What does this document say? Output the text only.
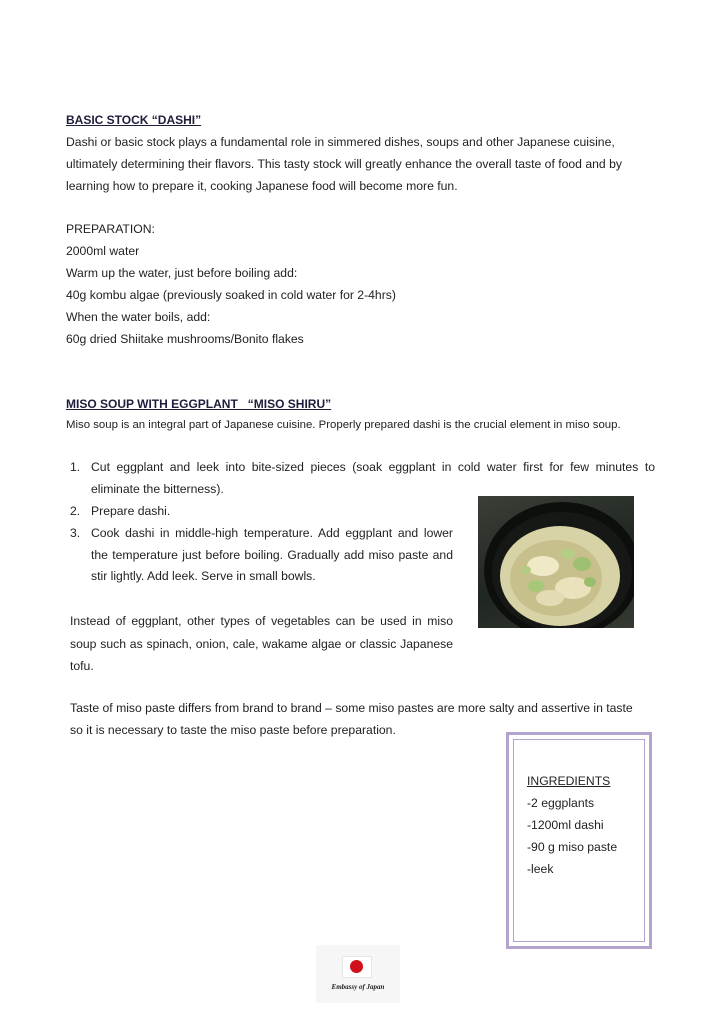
BASIC STOCK “DASHI”
Dashi or basic stock plays a fundamental role in simmered dishes, soups and other Japanese cuisine,
ultimately determining their flavors. This tasty stock will greatly enhance the overall taste of food and by
learning how to prepare it, cooking Japanese food will become more fun.
PREPARATION:
2000ml water
Warm up the water, just before boiling add:
40g kombu algae (previously soaked in cold water for 2-4hrs)
When the water boils, add:
60g dried Shiitake mushrooms/Bonito flakes
MISO SOUP WITH EGGPLANT   “MISO SHIRU”
Miso soup is an integral part of Japanese cuisine. Properly prepared dashi is the crucial element in miso soup.
1. Cut eggplant and leek into bite-sized pieces (soak eggplant in cold water first for few minutes to eliminate the bitterness).
2. Prepare dashi.
3. Cook dashi in middle-high temperature. Add eggplant and lower the temperature just before boiling. Gradually add miso paste and stir lightly. Add leek. Serve in small bowls.
Instead of eggplant, other types of vegetables can be used in miso soup such as spinach, onion, cale, wakame algae or classic Japanese tofu.
Taste of miso paste differs from brand to brand – some miso pastes are more salty and assertive in taste
so it is necessary to taste the miso paste before preparation.
INGREDIENTS
-2 eggplants
-1200ml dashi
-90 g miso paste
-leek
Embassy of Japan
